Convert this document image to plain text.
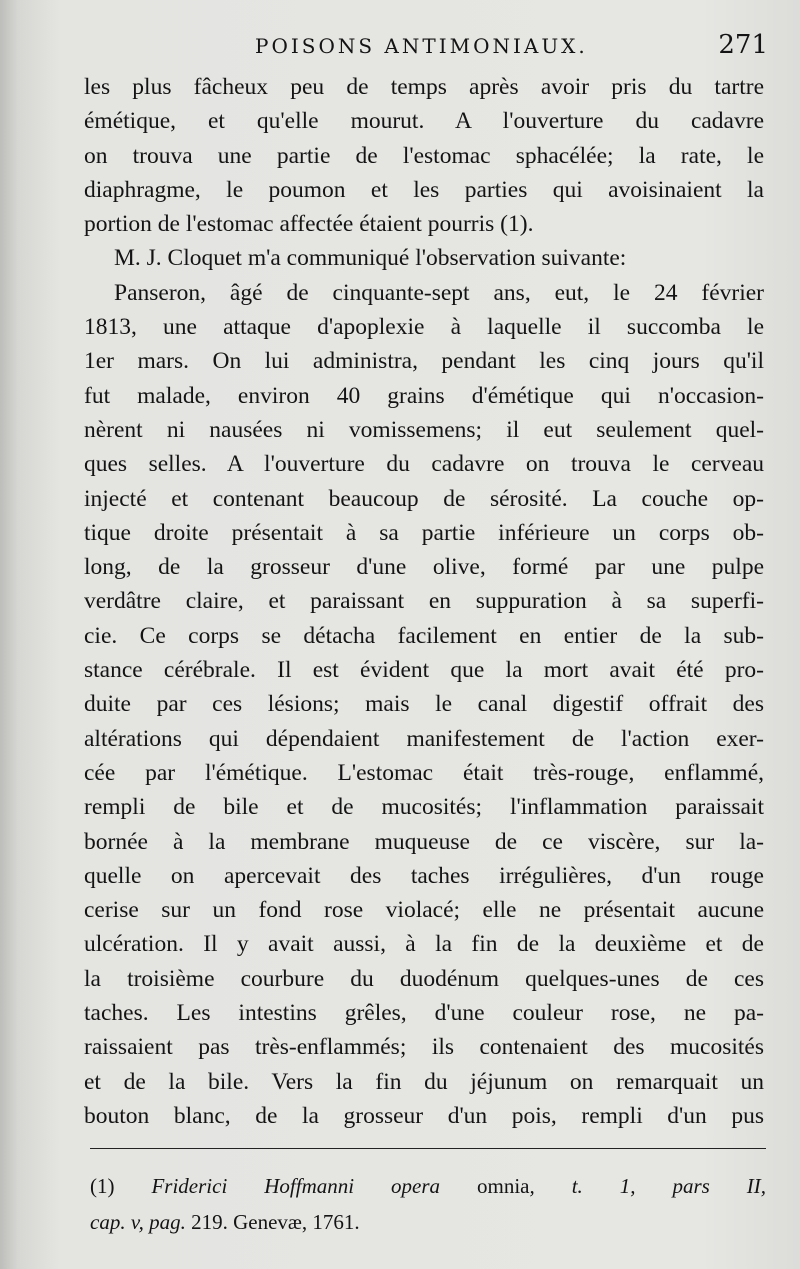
POISONS ANTIMONIAUX.	271
les plus fâcheux peu de temps après avoir pris du tartre
émétique, et qu'elle mourut. A l'ouverture du cadavre
on trouva une partie de l'estomac sphacélée; la rate, le
diaphragme, le poumon et les parties qui avoisinaient la
portion de l'estomac affectée étaient pourris (1).
M. J. Cloquet m'a communiqué l'observation suivante:
Panseron, âgé de cinquante-sept ans, eut, le 24 février
1813, une attaque d'apoplexie à laquelle il succomba le
1er mars. On lui administra, pendant les cinq jours qu'il
fut malade, environ 40 grains d'émétique qui n'occasion-
nèrent ni nausées ni vomissemens; il eut seulement quel-
ques selles. A l'ouverture du cadavre on trouva le cerveau
injecté et contenant beaucoup de sérosité. La couche op-
tique droite présentait à sa partie inférieure un corps ob-
long, de la grosseur d'une olive, formé par une pulpe
verdâtre claire, et paraissant en suppuration à sa superfi-
cie. Ce corps se détacha facilement en entier de la sub-
stance cérébrale. Il est évident que la mort avait été pro-
duite par ces lésions; mais le canal digestif offrait des
altérations qui dépendaient manifestement de l'action exer-
cée par l'émétique. L'estomac était très-rouge, enflammé,
rempli de bile et de mucosités; l'inflammation paraissait
bornée à la membrane muqueuse de ce viscère, sur la-
quelle on apercevait des taches irrégulières, d'un rouge
cerise sur un fond rose violacé; elle ne présentait aucune
ulcération. Il y avait aussi, à la fin de la deuxième et de
la troisième courbure du duodénum quelques-unes de ces
taches. Les intestins grêles, d'une couleur rose, ne pa-
raissaient pas très-enflammés; ils contenaient des mucosités
et de la bile. Vers la fin du jéjunum on remarquait un
bouton blanc, de la grosseur d'un pois, rempli d'un pus
(1) Friderici Hoffmanni opera omnia, t. 1, pars II,
cap. v, pag. 219. Genevæ, 1761.
